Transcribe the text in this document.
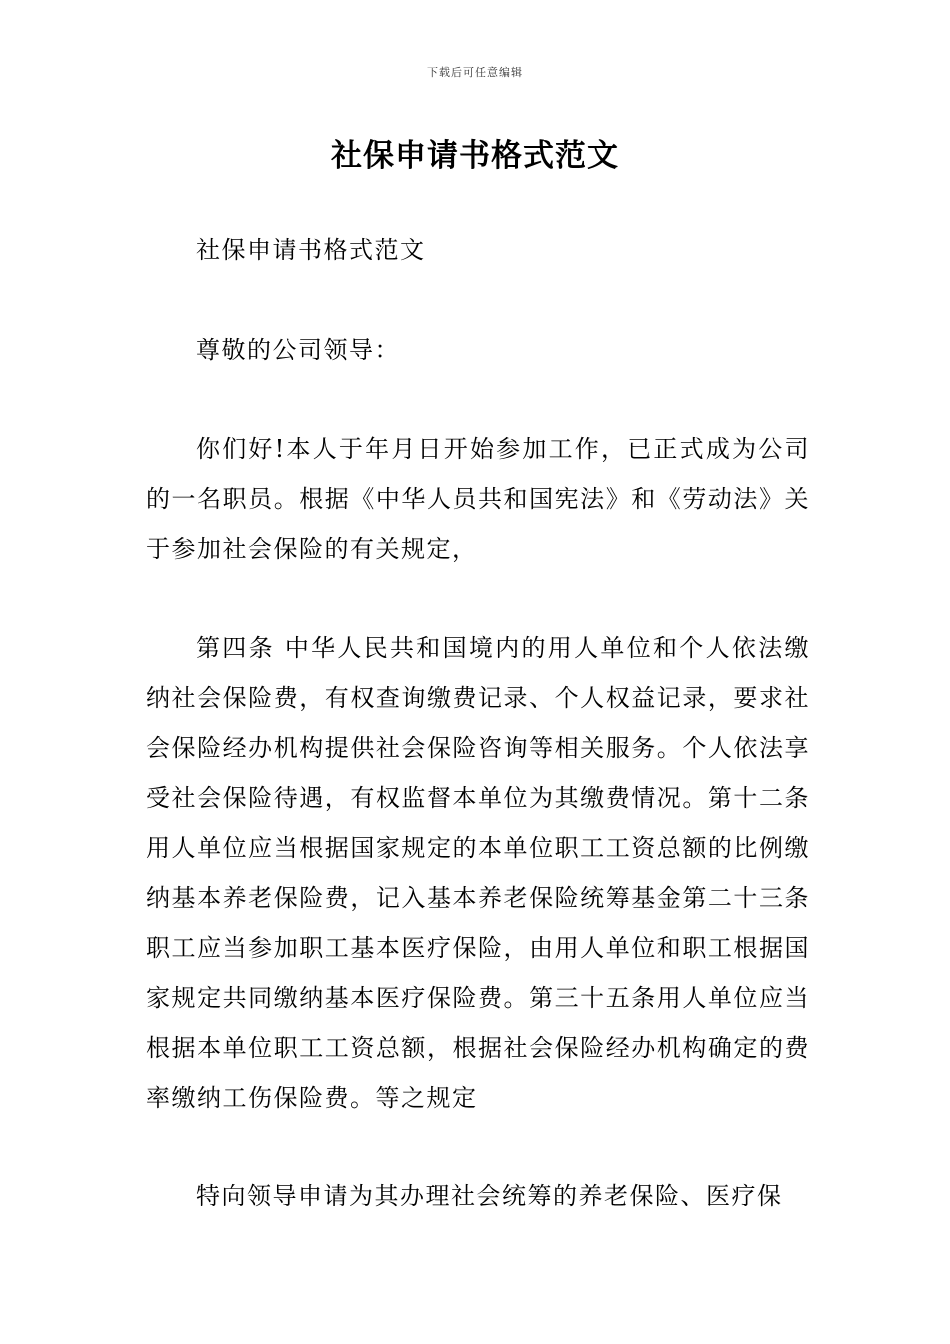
下载后可任意编辑
社保申请书格式范文

社保申请书格式范文

尊敬的公司领导：

你们好!本人于年月日开始参加工作，已正式成为公司的一名职员。根据《中华人员共和国宪法》和《劳动法》关于参加社会保险的有关规定，

第四条 中华人民共和国境内的用人单位和个人依法缴纳社会保险费，有权查询缴费记录、个人权益记录，要求社会保险经办机构提供社会保险咨询等相关服务。个人依法享受社会保险待遇，有权监督本单位为其缴费情况。第十二条用人单位应当根据国家规定的本单位职工工资总额的比例缴纳基本养老保险费，记入基本养老保险统筹基金第二十三条职工应当参加职工基本医疗保险，由用人单位和职工根据国家规定共同缴纳基本医疗保险费。第三十五条用人单位应当根据本单位职工工资总额，根据社会保险经办机构确定的费率缴纳工伤保险费。等之规定

特向领导申请为其办理社会统筹的养老保险、医疗保
